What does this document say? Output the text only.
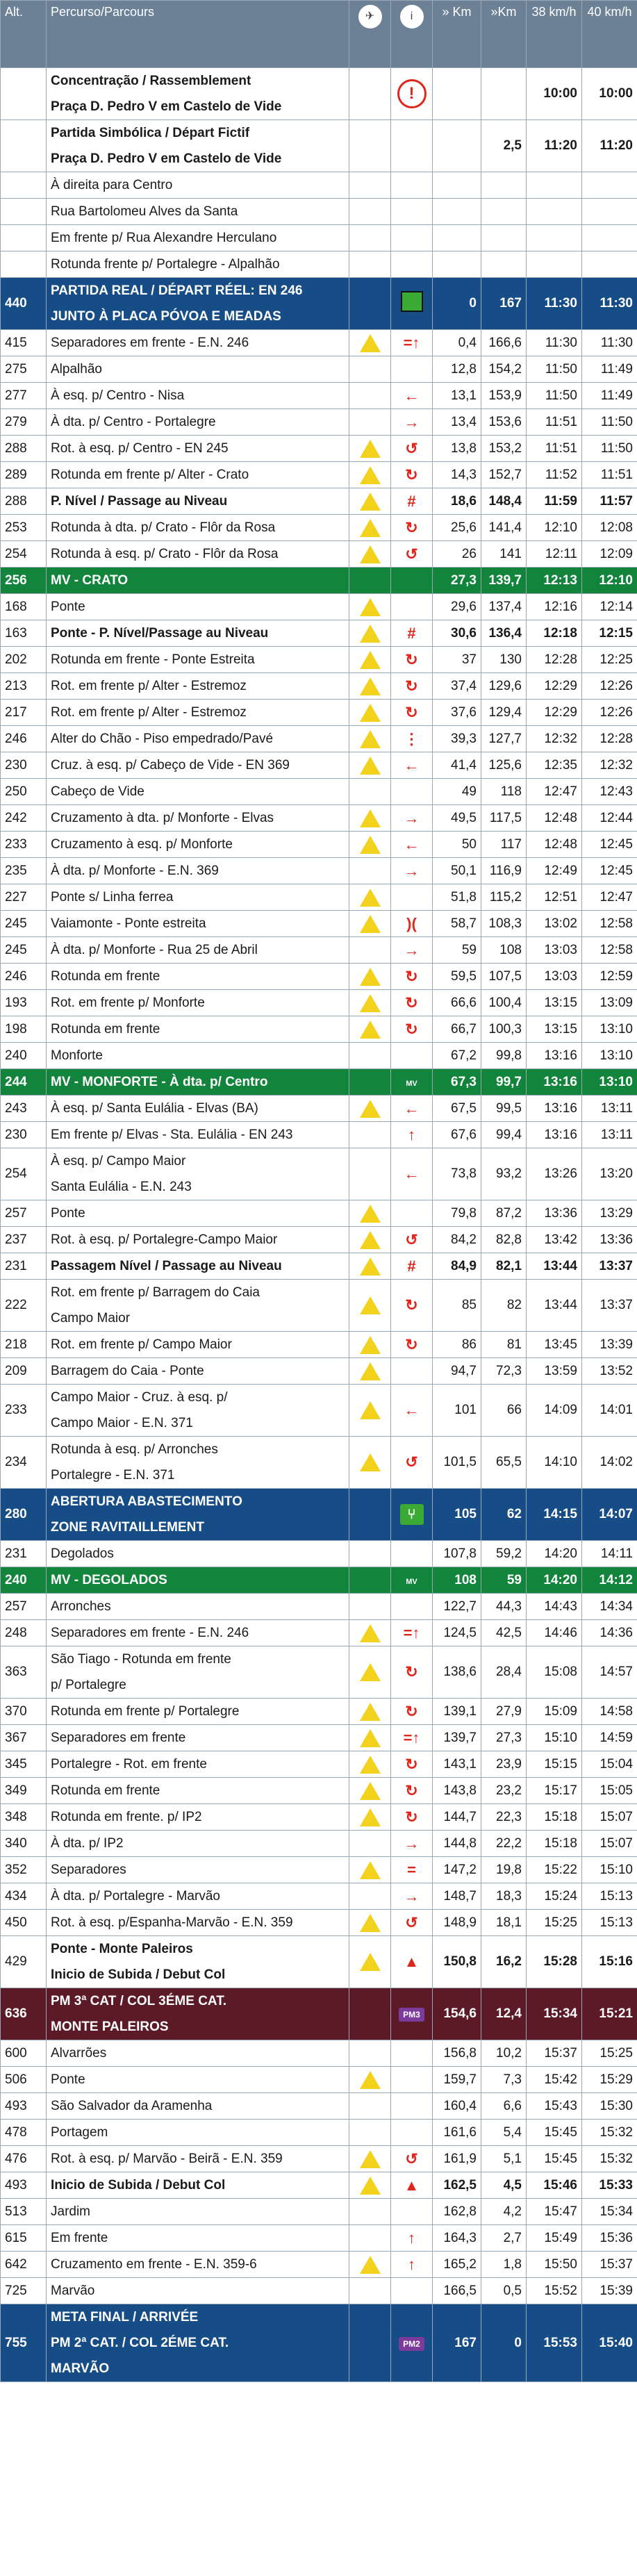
Alt.	Percurso/Parcours	✈	i	» Km	»Km	38 km/h	40 km/h

	Concentração / Rassemblement
Praça D. Pedro V em Castelo de Vide		!			10:00	10:00

	Partida Simbólica / Départ Fictif
Praça D. Pedro V em Castelo de Vide				2,5	11:20	11:20

	À direita para Centro						

	Rua Bartolomeu Alves da Santa						

	Em frente p/ Rua Alexandre Herculano						

	Rotunda frente p/ Portalegre - Alpalhão						

440	PARTIDA REAL / DÉPART RÉEL: EN 246
JUNTO À PLACA PÓVOA E MEADAS			0	167	11:30	11:30
415	Separadores em frente - E.N. 246		=↑	0,4	166,6	11:30	11:30
275	Alpalhão			12,8	154,2	11:50	11:49
277	À esq. p/ Centro - Nisa		←	13,1	153,9	11:50	11:49
279	À dta. p/ Centro - Portalegre		→	13,4	153,6	11:51	11:50
288	Rot. à esq. p/ Centro - EN 245		↺	13,8	153,2	11:51	11:50
289	Rotunda em frente p/ Alter - Crato		↻	14,3	152,7	11:52	11:51
288	P. Nível / Passage au Niveau		#	18,6	148,4	11:59	11:57
253	Rotunda à dta. p/ Crato - Flôr da Rosa		↻	25,6	141,4	12:10	12:08
254	Rotunda à esq. p/ Crato - Flôr da Rosa		↺	26	141	12:11	12:09
256	MV - CRATO			27,3	139,7	12:13	12:10
168	Ponte			29,6	137,4	12:16	12:14
163	Ponte - P. Nível/Passage au Niveau		#	30,6	136,4	12:18	12:15
202	Rotunda em frente - Ponte Estreita		↻	37	130	12:28	12:25
213	Rot. em frente p/ Alter - Estremoz		↻	37,4	129,6	12:29	12:26
217	Rot. em frente p/ Alter - Estremoz		↻	37,6	129,4	12:29	12:26
246	Alter do Chão - Piso empedrado/Pavé		⋮	39,3	127,7	12:32	12:28
230	Cruz. à esq. p/ Cabeço de Vide - EN 369		←	41,4	125,6	12:35	12:32
250	Cabeço de Vide			49	118	12:47	12:43
242	Cruzamento à dta. p/ Monforte - Elvas		→	49,5	117,5	12:48	12:44
233	Cruzamento à esq. p/ Monforte		←	50	117	12:48	12:45
235	À dta. p/ Monforte - E.N. 369		→	50,1	116,9	12:49	12:45
227	Ponte s/ Linha ferrea			51,8	115,2	12:51	12:47
245	Vaiamonte - Ponte estreita		)(	58,7	108,3	13:02	12:58
245	À dta. p/ Monforte - Rua 25 de Abril		→	59	108	13:03	12:58
246	Rotunda em frente		↻	59,5	107,5	13:03	12:59
193	Rot. em frente p/ Monforte		↻	66,6	100,4	13:15	13:09
198	Rotunda em frente		↻	66,7	100,3	13:15	13:10
240	Monforte			67,2	99,8	13:16	13:10
244	MV - MONFORTE - À dta. p/ Centro		MV	67,3	99,7	13:16	13:10
243	À esq. p/ Santa Eulália - Elvas (BA)		←	67,5	99,5	13:16	13:11
230	Em frente p/ Elvas - Sta. Eulália - EN 243		↑	67,6	99,4	13:16	13:11
254	À esq. p/ Campo Maior
Santa Eulália - E.N. 243		←	73,8	93,2	13:26	13:20
257	Ponte			79,8	87,2	13:36	13:29
237	Rot. à esq. p/ Portalegre-Campo Maior		↺	84,2	82,8	13:42	13:36
231	Passagem Nível / Passage au Niveau		#	84,9	82,1	13:44	13:37
222	Rot. em frente p/ Barragem do Caia
Campo Maior		↻	85	82	13:44	13:37
218	Rot. em frente p/ Campo Maior		↻	86	81	13:45	13:39
209	Barragem do Caia - Ponte			94,7	72,3	13:59	13:52
233	Campo Maior - Cruz. à esq. p/
Campo Maior - E.N. 371		←	101	66	14:09	14:01
234	Rotunda à esq. p/ Arronches
Portalegre - E.N. 371		↺	101,5	65,5	14:10	14:02
280	ABERTURA ABASTECIMENTO
ZONE RAVITAILLEMENT		⑂	105	62	14:15	14:07
231	Degolados			107,8	59,2	14:20	14:11
240	MV - DEGOLADOS		MV	108	59	14:20	14:12
257	Arronches			122,7	44,3	14:43	14:34
248	Separadores em frente - E.N. 246		=↑	124,5	42,5	14:46	14:36
363	São Tiago - Rotunda em frente
p/ Portalegre		↻	138,6	28,4	15:08	14:57
370	Rotunda em frente p/ Portalegre		↻	139,1	27,9	15:09	14:58
367	Separadores em frente		=↑	139,7	27,3	15:10	14:59
345	Portalegre - Rot. em frente		↻	143,1	23,9	15:15	15:04
349	Rotunda em frente		↻	143,8	23,2	15:17	15:05
348	Rotunda em frente. p/ IP2		↻	144,7	22,3	15:18	15:07
340	À dta. p/ IP2		→	144,8	22,2	15:18	15:07
352	Separadores		=	147,2	19,8	15:22	15:10
434	À dta. p/ Portalegre - Marvão		→	148,7	18,3	15:24	15:13
450	Rot. à esq. p/Espanha-Marvão - E.N. 359		↺	148,9	18,1	15:25	15:13
429	Ponte - Monte Paleiros
Inicio de Subida / Debut Col		▲	150,8	16,2	15:28	15:16
636	PM 3ª CAT / COL 3ÉME CAT.
MONTE PALEIROS		PM3	154,6	12,4	15:34	15:21
600	Alvarrões			156,8	10,2	15:37	15:25
506	Ponte			159,7	7,3	15:42	15:29
493	São Salvador da Aramenha			160,4	6,6	15:43	15:30
478	Portagem			161,6	5,4	15:45	15:32
476	Rot. à esq. p/ Marvão - Beirã - E.N. 359		↺	161,9	5,1	15:45	15:32
493	Inicio de Subida / Debut Col		▲	162,5	4,5	15:46	15:33
513	Jardim			162,8	4,2	15:47	15:34
615	Em frente		↑	164,3	2,7	15:49	15:36
642	Cruzamento em frente - E.N. 359-6		↑	165,2	1,8	15:50	15:37
725	Marvão			166,5	0,5	15:52	15:39
755	META FINAL / ARRIVÉE
PM 2ª CAT. / COL 2ÉME CAT.
MARVÃO		PM2	167	0	15:53	15:40
